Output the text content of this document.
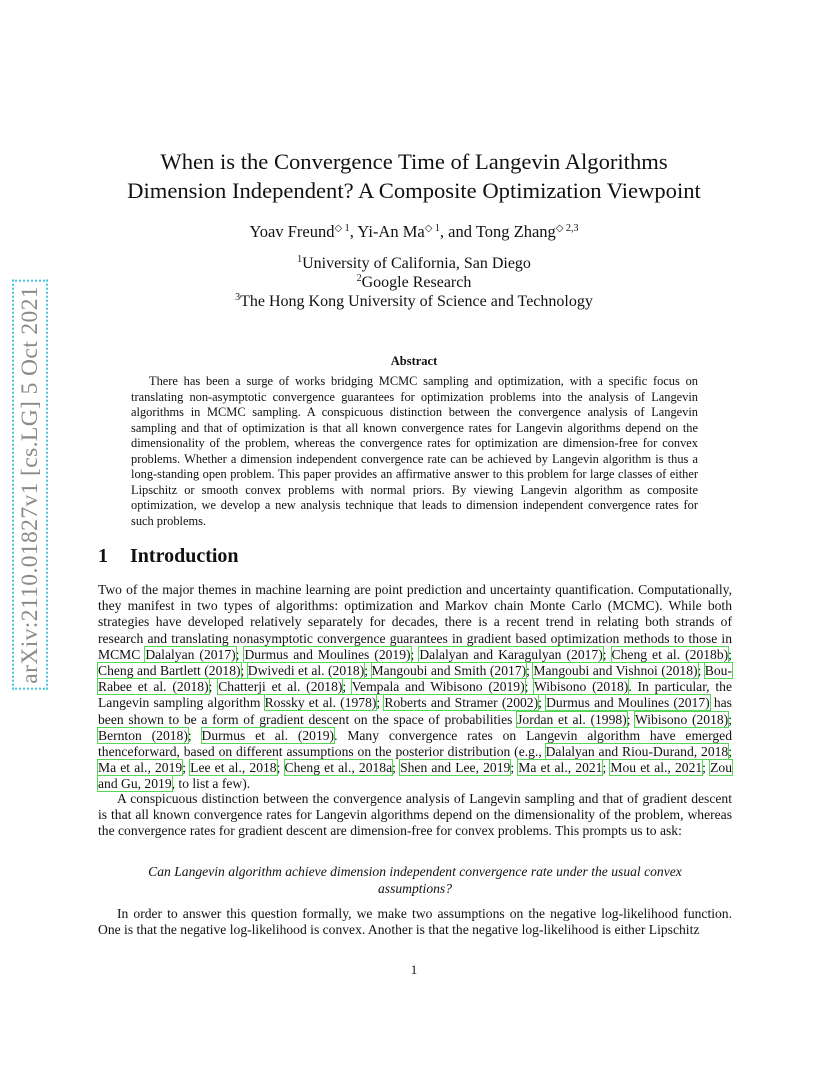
arXiv:2110.01827v1 [cs.LG] 5 Oct 2021
When is the Convergence Time of Langevin Algorithms
Dimension Independent? A Composite Optimization Viewpoint
Yoav Freund$^{◇ 1}$, Yi-An $Ma^{◇ 1}$, and Tong Zhang$^{◇ 2,3}$
$^1$University of California, San Diego
$^2$Google Research
$^3$The Hong Kong University of Science and Technology
Abstract
There has been a surge of works bridging MCMC sampling and optimization, with a specific focus on translating non-asymptotic convergence guarantees for optimization problems into the analysis of Langevin algorithms in MCMC sampling. A conspicuous distinction between the convergence analysis of Langevin sampling and that of optimization is that all known convergence rates for Langevin algorithms depend on the dimensionality of the problem, whereas the convergence rates for optimization are dimension-free for convex problems. Whether a dimension independent convergence rate can be achieved by Langevin algorithm is thus a long-standing open problem. This paper provides an affirmative answer to this problem for large classes of either Lipschitz or smooth convex problems with normal priors. By viewing Langevin algorithm as composite optimization, we develop a new analysis technique that leads to dimension independent convergence rates for such problems.
1 Introduction
Two of the major themes in machine learning are point prediction and uncertainty quantification. Computationally, they manifest in two types of algorithms: optimization and Markov chain Monte Carlo (MCMC). While both strategies have developed relatively separately for decades, there is a recent trend in relating both strands of research and translating nonasymptotic convergence guarantees in gradient based optimization methods to those in MCMC Dalalyan (2017); Durmus and Moulines (2019); Dalalyan and Karagulyan (2017); Cheng et al. (2018b); Cheng and Bartlett (2018); Dwivedi et al. (2018); Mangoubi and Smith (2017); Mangoubi and Vishnoi (2018); Bou-Rabee et al. (2018); Chatterji et al. (2018); Vempala and Wibisono (2019); Wibisono (2018). In particular, the Langevin sampling algorithm Rossky et al. (1978); Roberts and Stramer (2002); Durmus and Moulines (2017) has been shown to be a form of gradient descent on the space of probabilities Jordan et al. (1998); Wibisono (2018); Bernton (2018); Durmus et al. (2019). Many convergence rates on Langevin algorithm have emerged thenceforward, based on different assumptions on the posterior distribution (e.g., Dalalyan and Riou-Durand, 2018; Ma et al., 2019; Lee et al., 2018; Cheng et al., 2018a; Shen and Lee, 2019; Ma et al., 2021; Mou et al., 2021; Zou and Gu, 2019, to list a few).
A conspicuous distinction between the convergence analysis of Langevin sampling and that of gradient descent is that all known convergence rates for Langevin algorithms depend on the dimensionality of the problem, whereas the convergence rates for gradient descent are dimension-free for convex problems. This prompts us to ask:
Can Langevin algorithm achieve dimension independent convergence rate under the usual convex assumptions?
In order to answer this question formally, we make two assumptions on the negative log-likelihood function. One is that the negative log-likelihood is convex. Another is that the negative log-likelihood is either Lipschitz
1
